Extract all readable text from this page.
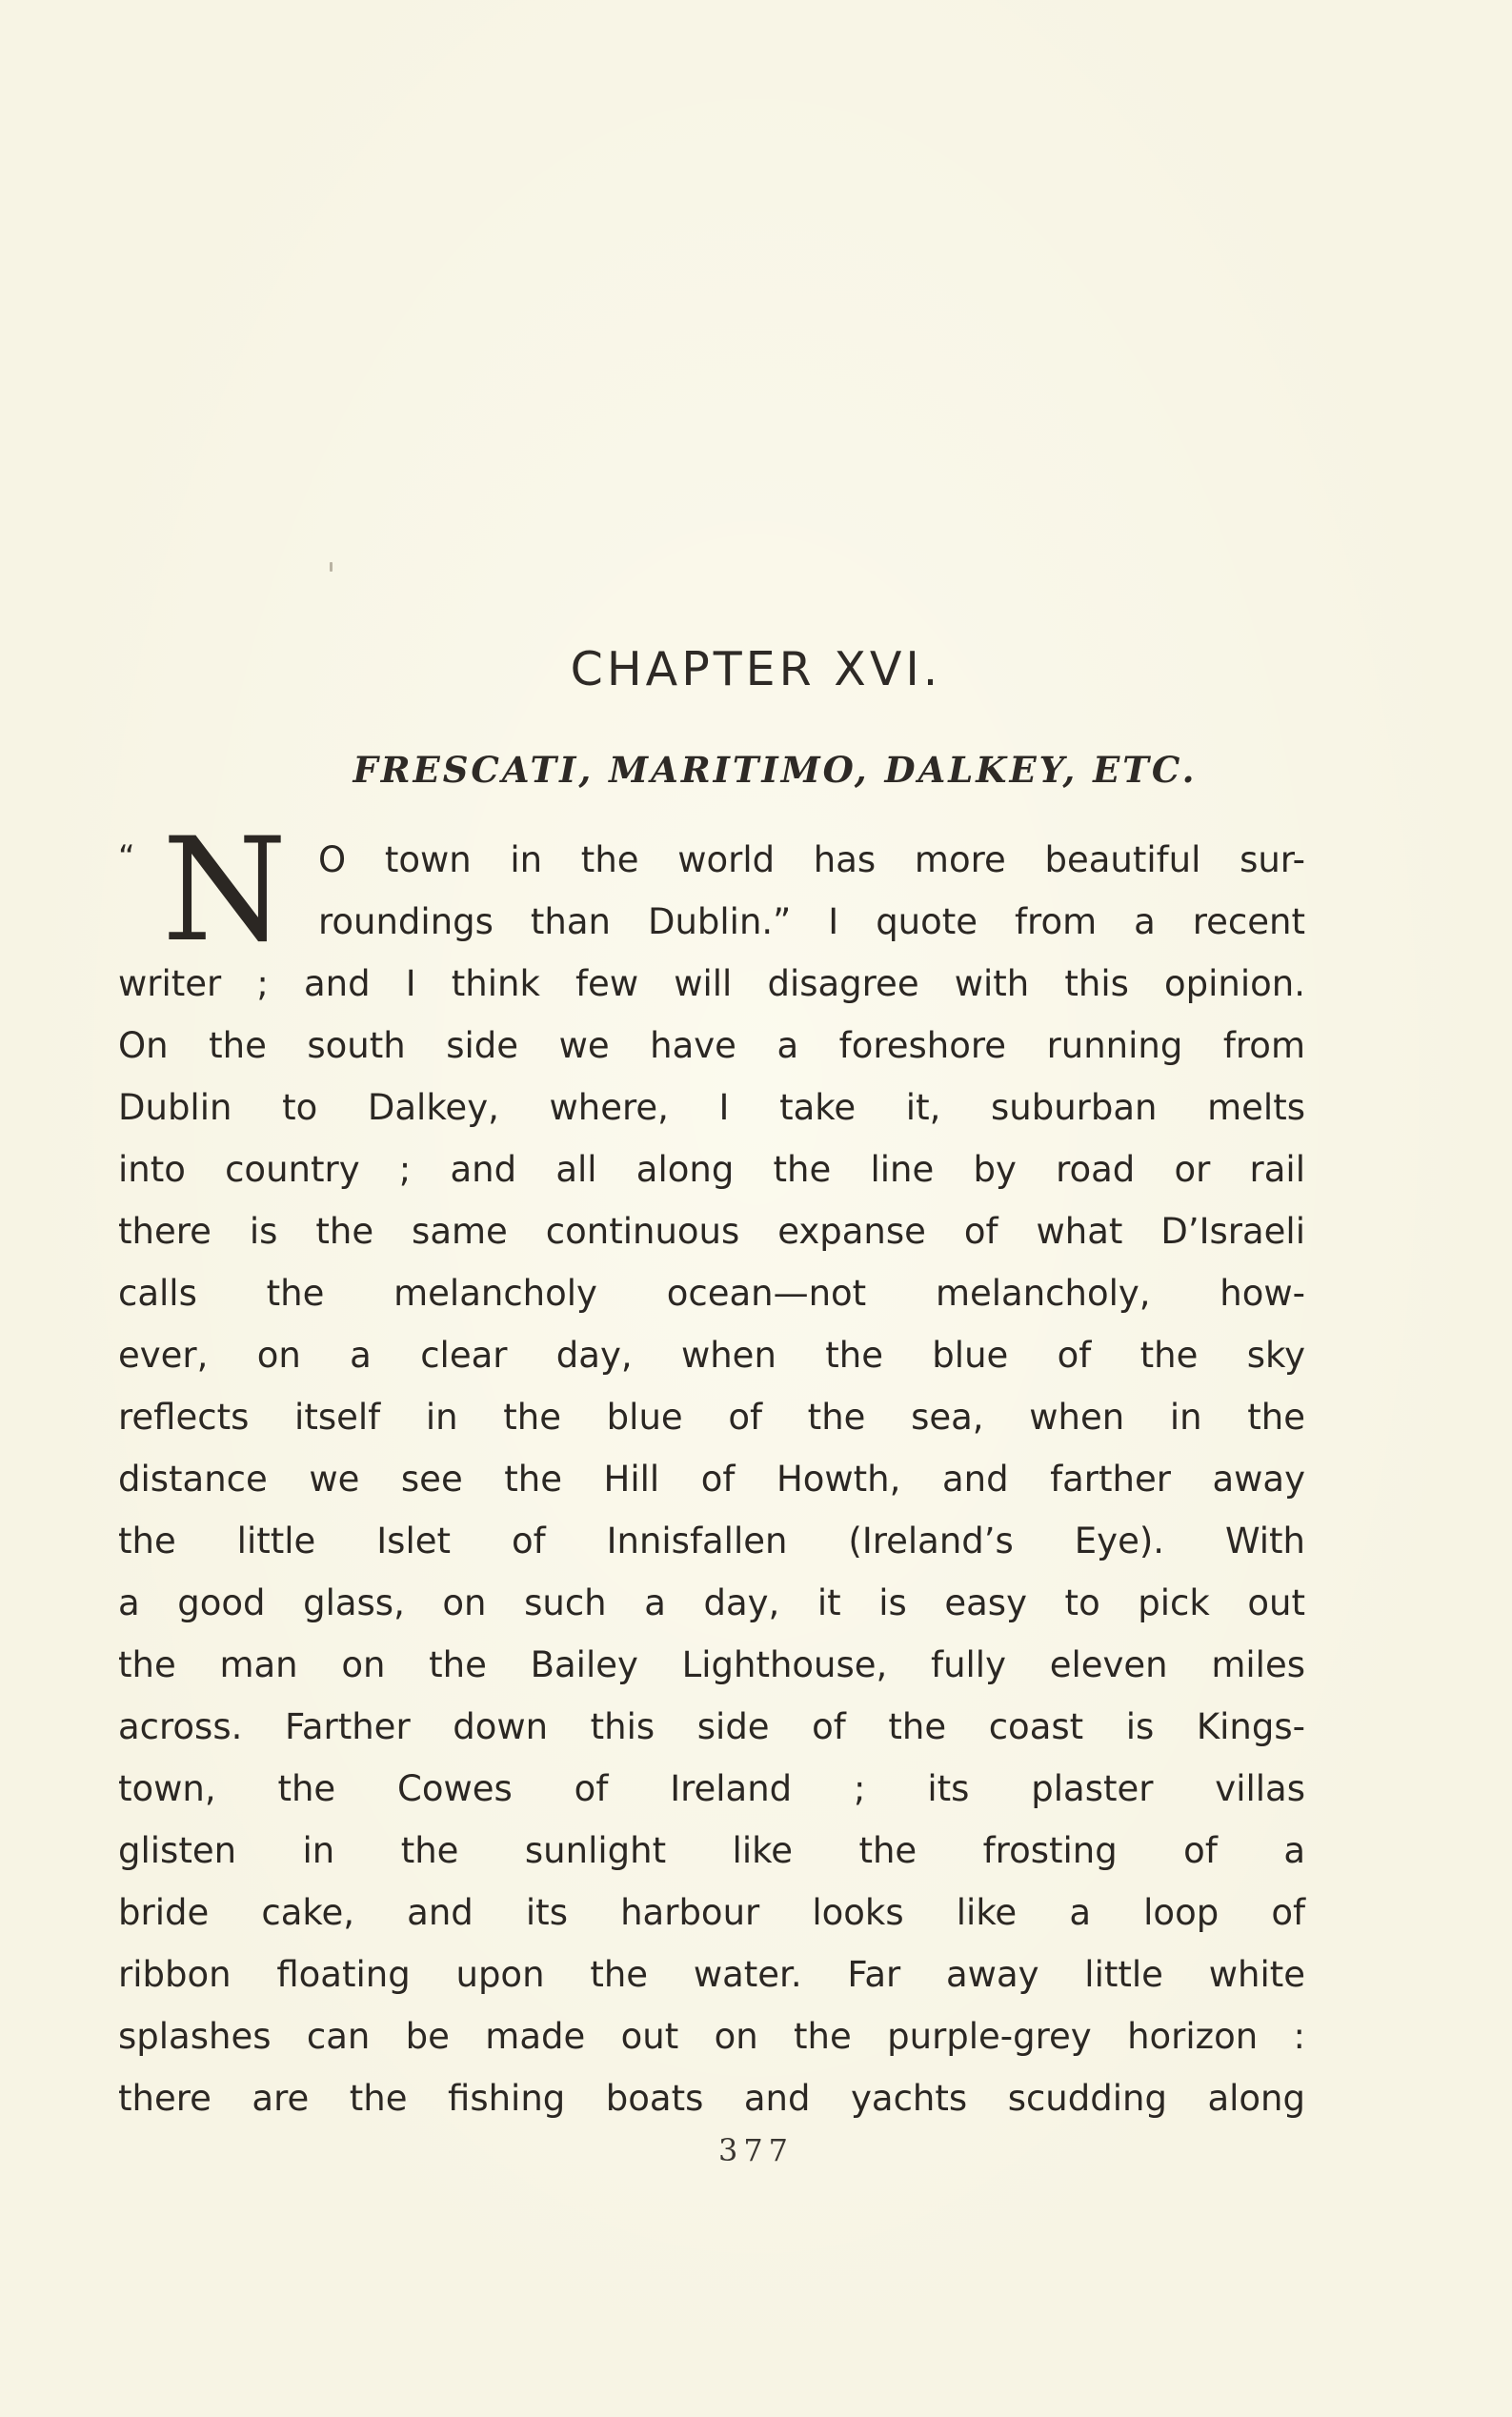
CHAPTER XVI.
FRESCATI, MARITIMO, DALKEY, ETC.
“ N O town in the world has more beautiful sur-
roundings than Dublin.” I quote from a recent
writer ; and I think few will disagree with this opinion.
On the south side we have a foreshore running from
Dublin to Dalkey, where, I take it, suburban melts
into country ; and all along the line by road or rail
there is the same continuous expanse of what D’Israeli
calls the melancholy ocean—not melancholy, how-
ever, on a clear day, when the blue of the sky
reflects itself in the blue of the sea, when in the
distance we see the Hill of Howth, and farther away
the little Islet of Innisfallen (Ireland’s Eye). With
a good glass, on such a day, it is easy to pick out
the man on the Bailey Lighthouse, fully eleven miles
across. Farther down this side of the coast is Kings-
town, the Cowes of Ireland ; its plaster villas
glisten in the sunlight like the frosting of a
bride cake, and its harbour looks like a loop of
ribbon floating upon the water. Far away little white
splashes can be made out on the purple-grey horizon :
there are the fishing boats and yachts scudding along
377
